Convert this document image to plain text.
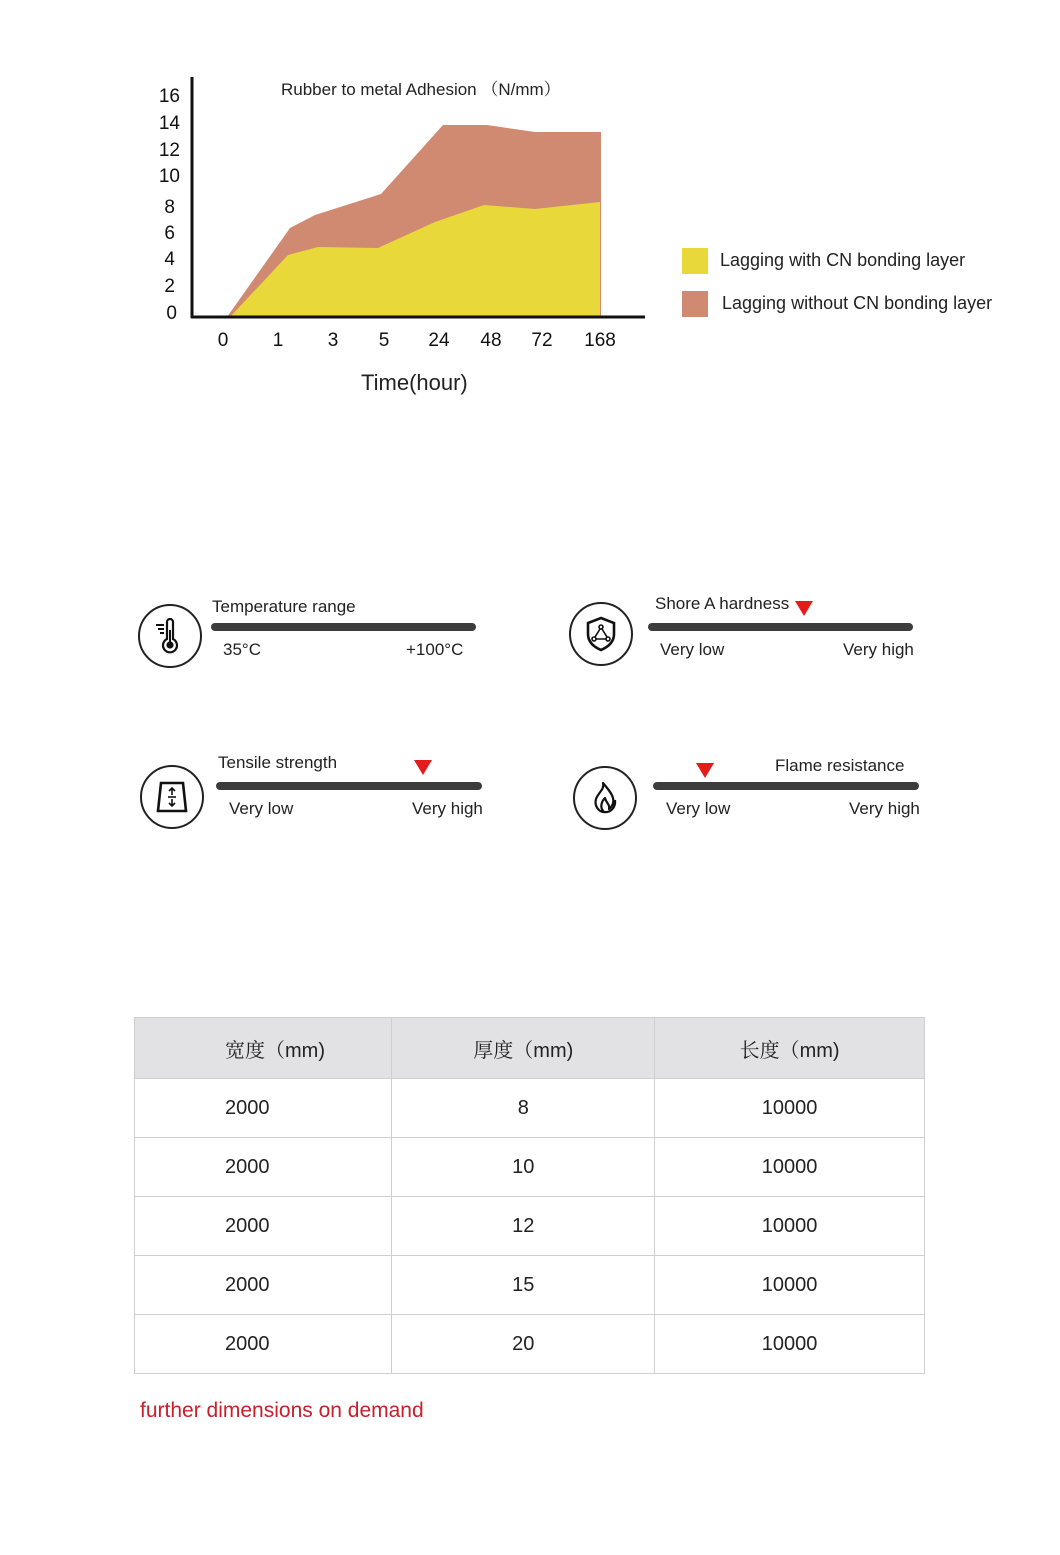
Rubber to metal Adhesion （N/mm）
16
14
12
10
8
6
4
2
0
0	1	3	5	24	48	72	168
Time(hour)
Lagging with CN bonding layer
Lagging without CN bonding layer
Temperature range
35°C	+100°C
Shore A hardness
Very low	Very high
Tensile strength
Very low	Very high
Flame resistance
Very low	Very high
宽度（mm)	厚度（mm)	长度（mm)
2000	8	10000
2000	10	10000
2000	12	10000
2000	15	10000
2000	20	10000
further dimensions on demand
